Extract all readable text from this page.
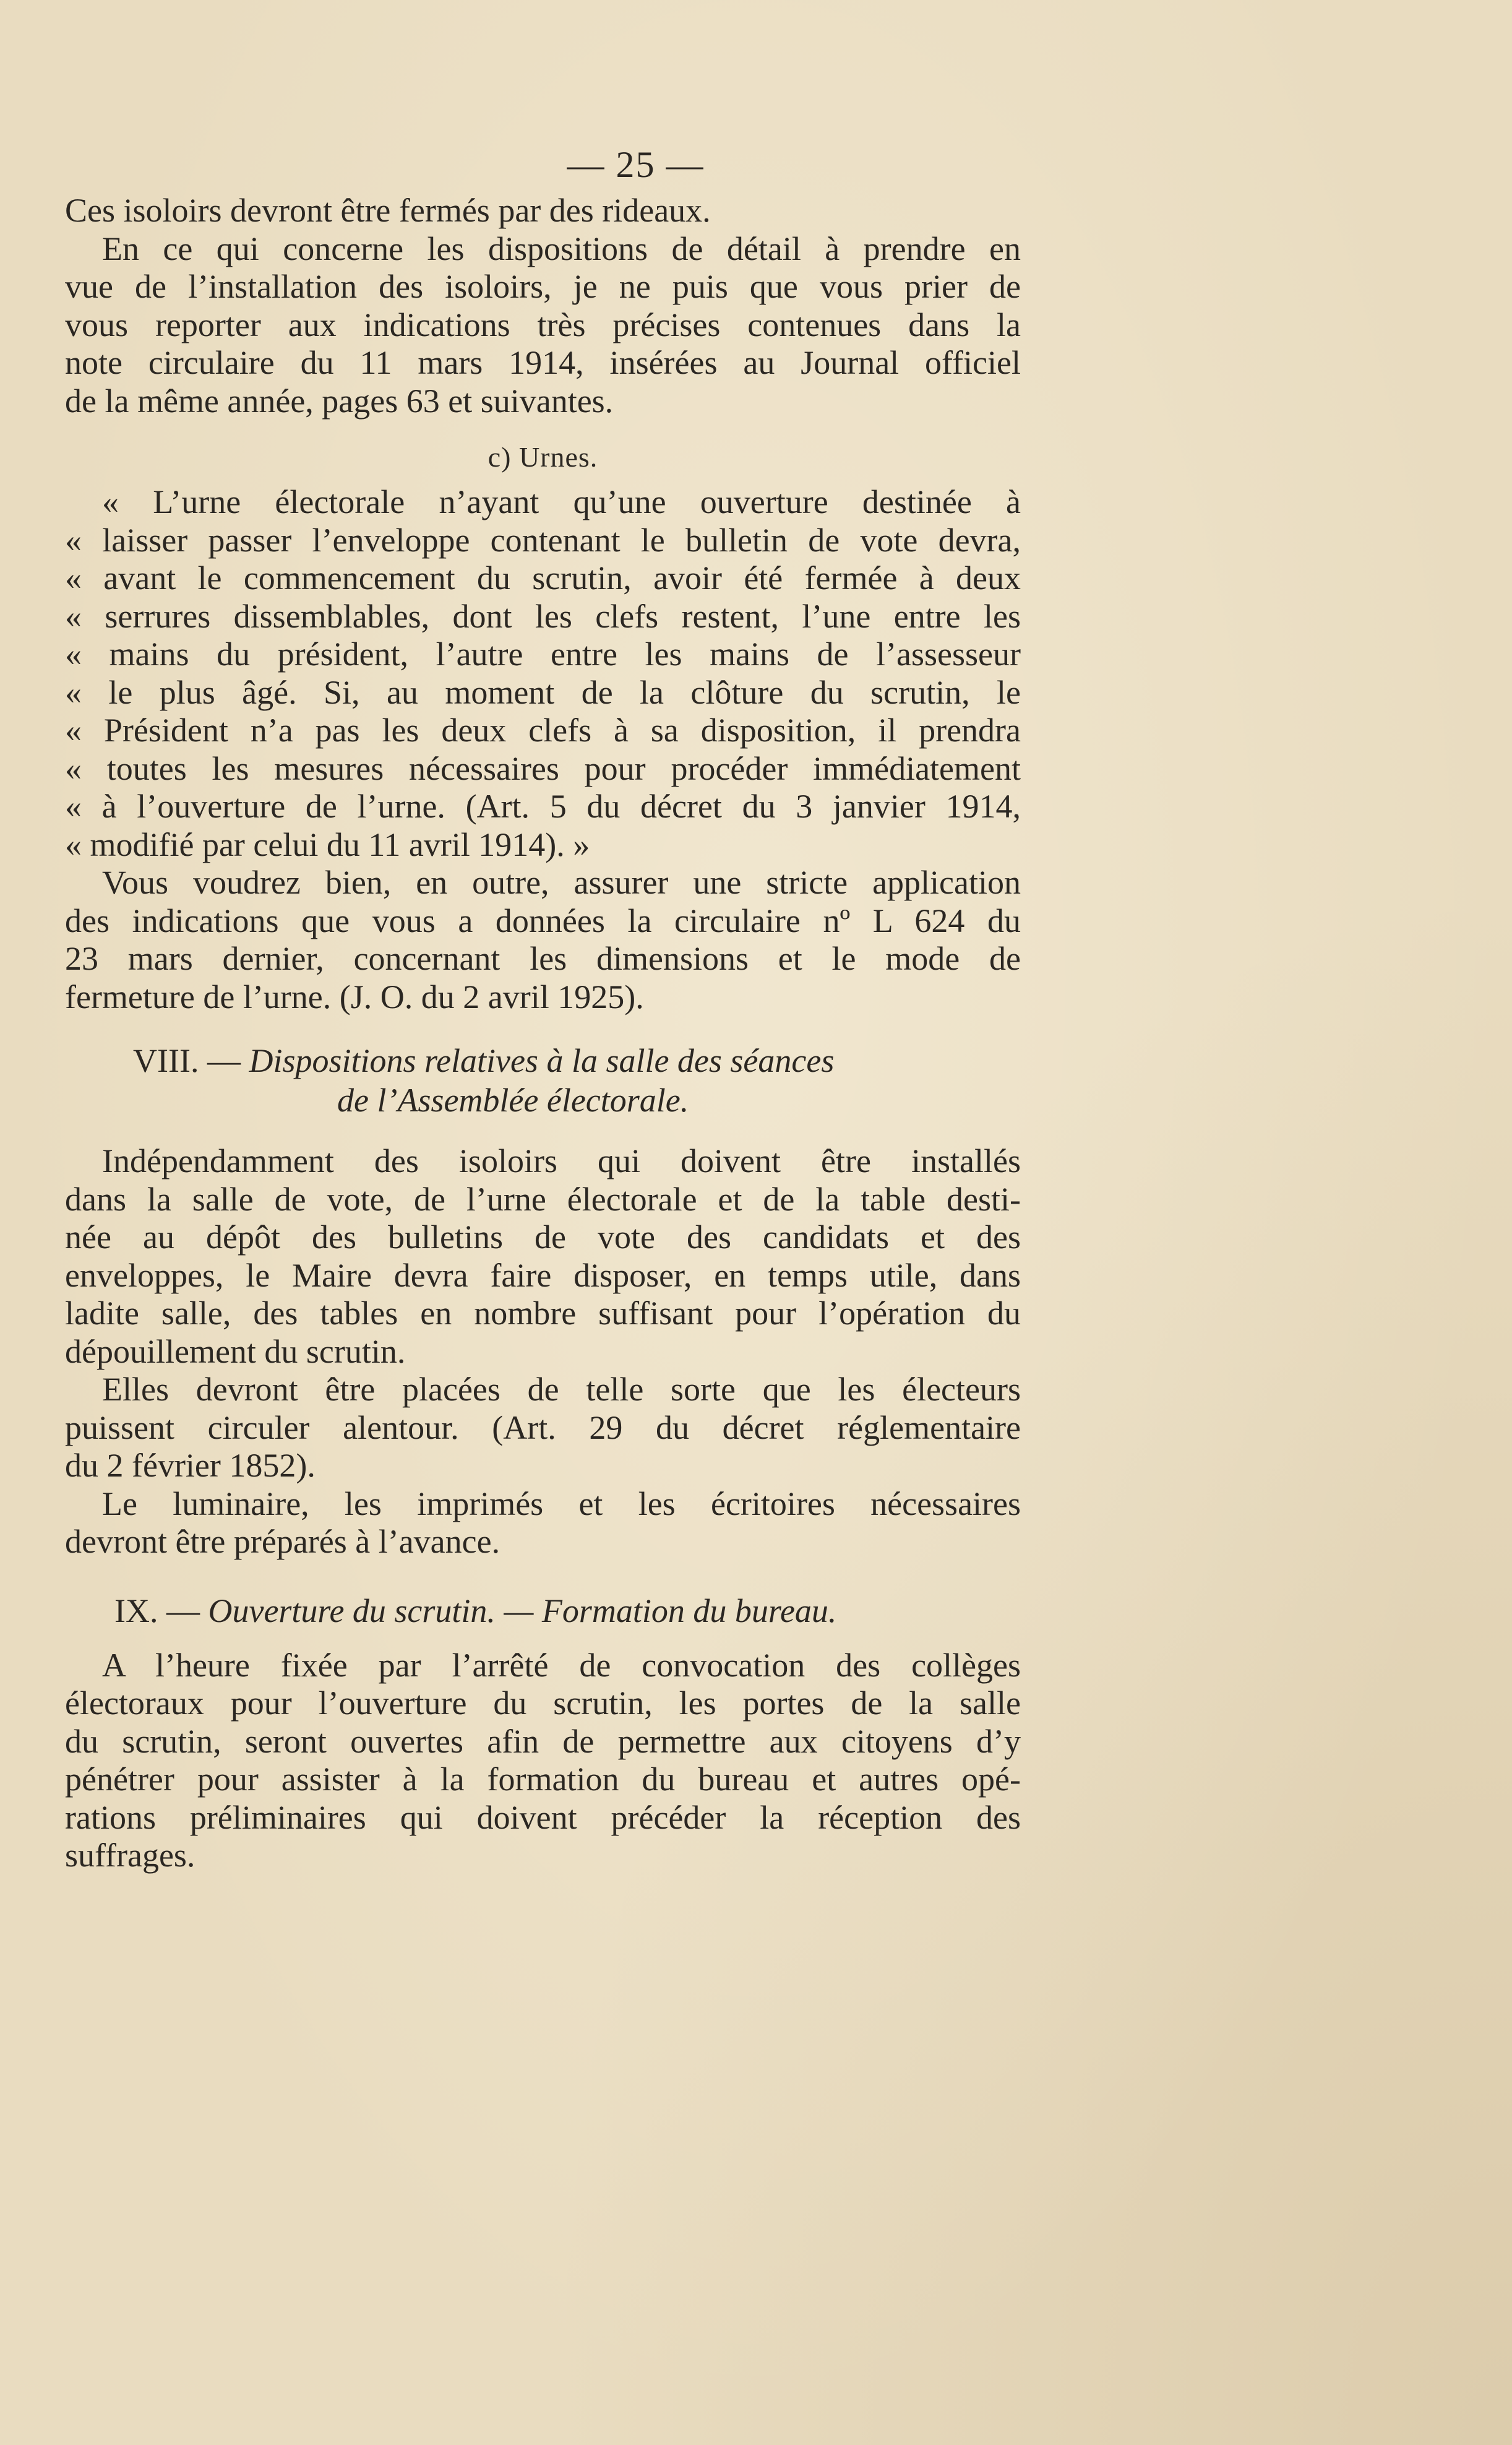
— 25 —
Ces isoloirs devront être fermés par des rideaux.
En ce qui concerne les dispositions de détail à prendre en
vue de l’installation des isoloirs, je ne puis que vous prier de
vous reporter aux indications très précises contenues dans la
note circulaire du 11 mars 1914, insérées au Journal officiel
de la même année, pages 63 et suivantes.
c) Urnes.
« L’urne électorale n’ayant qu’une ouverture destinée à
« laisser passer l’enveloppe contenant le bulletin de vote devra,
« avant le commencement du scrutin, avoir été fermée à deux
« serrures dissemblables, dont les clefs restent, l’une entre les
« mains du président, l’autre entre les mains de l’assesseur
« le plus âgé. Si, au moment de la clôture du scrutin, le
« Président n’a pas les deux clefs à sa disposition, il prendra
« toutes les mesures nécessaires pour procéder immédiatement
« à l’ouverture de l’urne. (Art. 5 du décret du 3 janvier 1914,
« modifié par celui du 11 avril 1914). »
Vous voudrez bien, en outre, assurer une stricte application
des indications que vous a données la circulaire nº L 624 du
23 mars dernier, concernant les dimensions et le mode de
fermeture de l’urne. (J. O. du 2 avril 1925).
VIII. — Dispositions relatives à la salle des séances
de l’Assemblée électorale.
Indépendamment des isoloirs qui doivent être installés
dans la salle de vote, de l’urne électorale et de la table desti-
née au dépôt des bulletins de vote des candidats et des
enveloppes, le Maire devra faire disposer, en temps utile, dans
ladite salle, des tables en nombre suffisant pour l’opération du
dépouillement du scrutin.
Elles devront être placées de telle sorte que les électeurs
puissent circuler alentour. (Art. 29 du décret réglementaire
du 2 février 1852).
Le luminaire, les imprimés et les écritoires nécessaires
devront être préparés à l’avance.
IX. — Ouverture du scrutin. — Formation du bureau.
A l’heure fixée par l’arrêté de convocation des collèges
électoraux pour l’ouverture du scrutin, les portes de la salle
du scrutin, seront ouvertes afin de permettre aux citoyens d’y
pénétrer pour assister à la formation du bureau et autres opé-
rations préliminaires qui doivent précéder la réception des
suffrages.
